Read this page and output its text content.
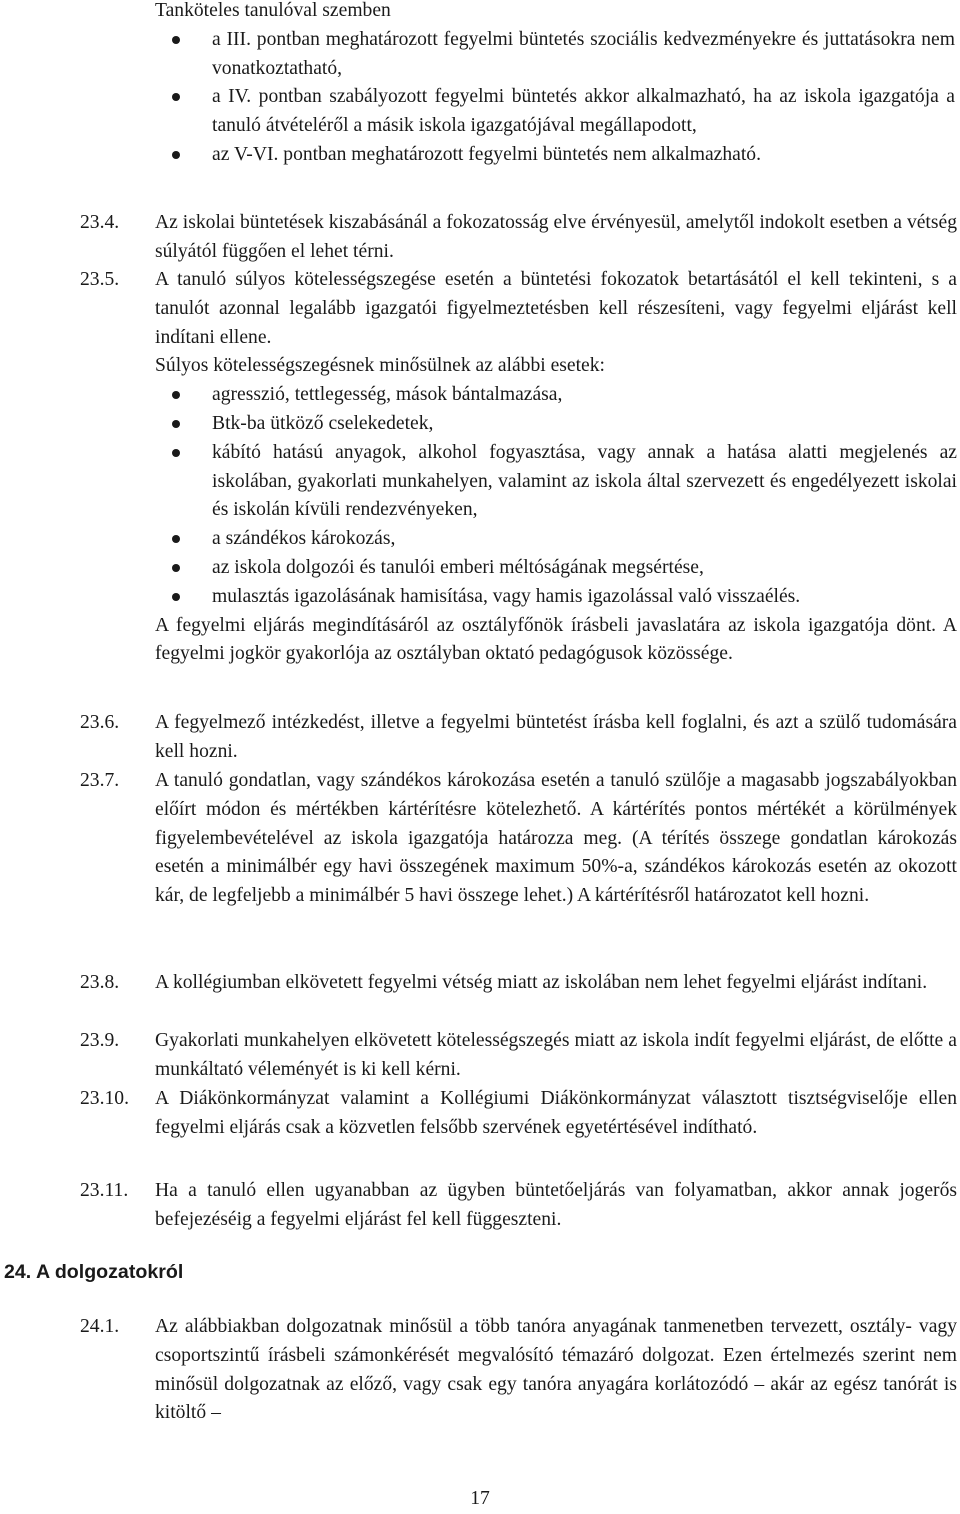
Tanköteles tanulóval szemben
a III. pontban meghatározott fegyelmi büntetés szociális kedvezményekre és juttatásokra nem vonatkoztatható,
a IV. pontban szabályozott fegyelmi büntetés akkor alkalmazható, ha az iskola igazgatója a tanuló átvételéről a másik iskola igazgatójával megállapodott,
az V-VI. pontban meghatározott fegyelmi büntetés nem alkalmazható.
23.4. Az iskolai büntetések kiszabásánál a fokozatosság elve érvényesül, amelytől indokolt esetben a vétség súlyától függően el lehet térni.
23.5. A tanuló súlyos kötelességszegése esetén a büntetési fokozatok betartásától el kell tekinteni, s a tanulót azonnal legalább igazgatói figyelmeztetésben kell részesíteni, vagy fegyelmi eljárást kell indítani ellene.
Súlyos kötelességszegésnek minősülnek az alábbi esetek:
agresszió, tettlegesség, mások bántalmazása,
Btk-ba ütköző cselekedetek,
kábító hatású anyagok, alkohol fogyasztása, vagy annak a hatása alatti megjelenés az iskolában, gyakorlati munkahelyen, valamint az iskola által szervezett és engedélyezett iskolai és iskolán kívüli rendezvényeken,
a szándékos károkozás,
az iskola dolgozói és tanulói emberi méltóságának megsértése,
mulasztás igazolásának hamisítása, vagy hamis igazolással való visszaélés.
A fegyelmi eljárás megindításáról az osztályfőnök írásbeli javaslatára az iskola igazgatója dönt. A fegyelmi jogkör gyakorlója az osztályban oktató pedagógusok közössége.
23.6. A fegyelmező intézkedést, illetve a fegyelmi büntetést írásba kell foglalni, és azt a szülő tudomására kell hozni.
23.7. A tanuló gondatlan, vagy szándékos károkozása esetén a tanuló szülője a magasabb jogszabályokban előírt módon és mértékben kártérítésre kötelezhető. A kártérítés pontos mértékét a körülmények figyelembevételével az iskola igazgatója határozza meg. (A térítés összege gondatlan károkozás esetén a minimálbér egy havi összegének maximum 50%-a, szándékos károkozás esetén az okozott kár, de legfeljebb a minimálbér 5 havi összege lehet.) A kártérítésről határozatot kell hozni.
23.8. A kollégiumban elkövetett fegyelmi vétség miatt az iskolában nem lehet fegyelmi eljárást indítani.
23.9. Gyakorlati munkahelyen elkövetett kötelességszegés miatt az iskola indít fegyelmi eljárást, de előtte a munkáltató véleményét is ki kell kérni.
23.10. A Diákönkormányzat valamint a Kollégiumi Diákönkormányzat választott tisztségviselője ellen fegyelmi eljárás csak a közvetlen felsőbb szervének egyetértésével indítható.
23.11. Ha a tanuló ellen ugyanabban az ügyben büntetőeljárás van folyamatban, akkor annak jogerős befejezéséig a fegyelmi eljárást fel kell függeszteni.
24. A dolgozatokról
24.1. Az alábbiakban dolgozatnak minősül a több tanóra anyagának tanmenetben tervezett, osztály- vagy csoportszintű írásbeli számonkérését megvalósító témazáró dolgozat. Ezen értelmezés szerint nem minősül dolgozatnak az előző, vagy csak egy tanóra anyagára korlátozódó – akár az egész tanórát is kitöltő –
17
